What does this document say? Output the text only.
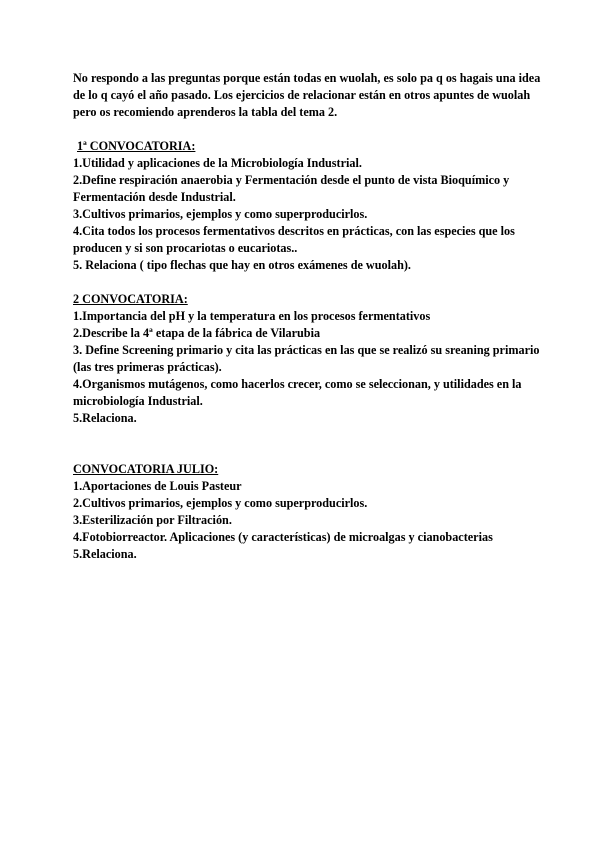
No respondo a las preguntas porque están todas en wuolah, es solo pa q os hagais una idea de lo q cayó el año pasado. Los ejercicios de relacionar están en otros apuntes de wuolah pero os recomiendo aprenderos la tabla del tema 2.

1ª CONVOCATORIA:

1.Utilidad y aplicaciones de la Microbiología Industrial.
2.Define respiración anaerobia y Fermentación desde el punto de vista Bioquímico y Fermentación desde Industrial.
3.Cultivos primarios, ejemplos y como superproducirlos.
4.Cita todos los procesos fermentativos descritos en prácticas, con las especies que los producen y si son procariotas o eucariotas..
5. Relaciona ( tipo flechas que hay en otros exámenes de wuolah).

2 CONVOCATORIA:

1.Importancia del pH y la temperatura en los procesos fermentativos
2.Describe la 4ª etapa de la fábrica de Vilarubia
3. Define Screening primario y cita las prácticas en las que se realizó su sreaning primario (las tres primeras prácticas).
4.Organismos mutágenos, como hacerlos crecer, como se seleccionan, y utilidades en la microbiología Industrial.
5.Relaciona.

CONVOCATORIA JULIO:

1.Aportaciones de Louis Pasteur
2.Cultivos primarios, ejemplos y como superproducirlos.
3.Esterilización por Filtración.
4.Fotobiorreactor. Aplicaciones (y características) de microalgas y cianobacterias
5.Relaciona.
